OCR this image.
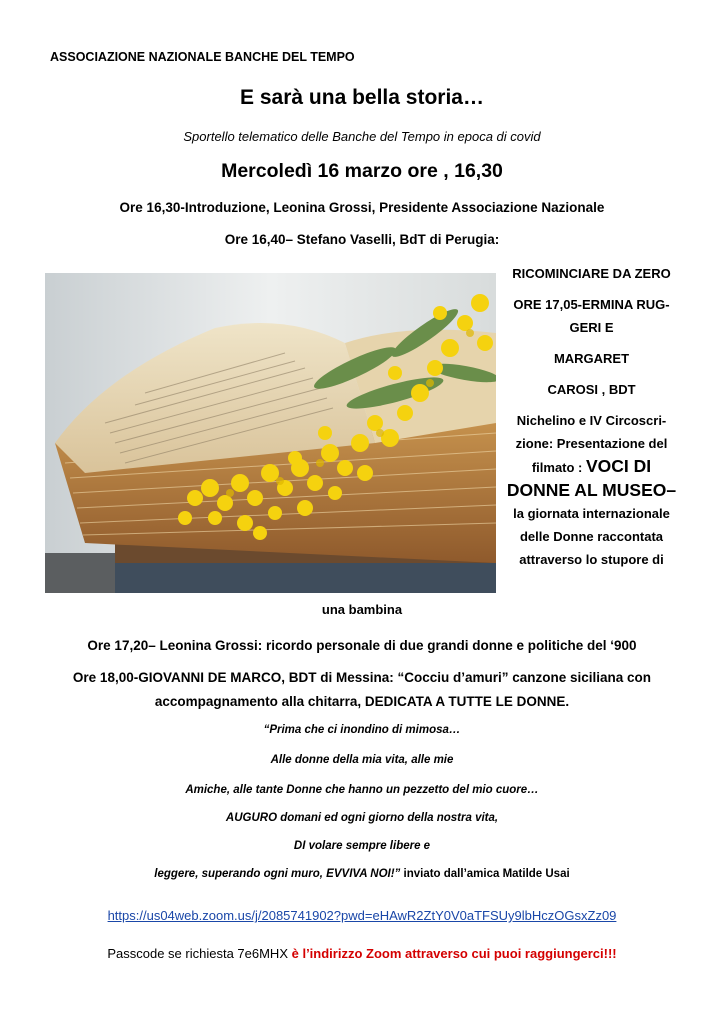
ASSOCIAZIONE NAZIONALE BANCHE DEL TEMPO
E sarà una bella storia…
Sportello telematico delle Banche del Tempo in epoca di covid
Mercoledì 16 marzo ore , 16,30
Ore 16,30-Introduzione, Leonina Grossi, Presidente Associazione Nazionale
Ore 16,40– Stefano Vaselli, BdT di Perugia:
RICOMINCIARE DA ZERO
ORE 17,05-ERMINA RUG-
GERI E
MARGARET
CAROSI , BDT
Nichelino e IV Circoscri-
zione: Presentazione del
filmato : VOCI DI
DONNE AL MUSEO–
la giornata internazionale
delle Donne raccontata
attraverso lo stupore di
una bambina
Ore 17,20– Leonina Grossi: ricordo personale di due grandi donne e politiche del ‘900
Ore 18,00-GIOVANNI DE MARCO, BDT di Messina: “Cocciu d’amuri” canzone siciliana con accompagnamento alla chitarra, DEDICATA A TUTTE LE DONNE.
“Prima che ci inondino di mimosa…
Alle donne della mia vita, alle mie
Amiche, alle tante Donne che hanno un pezzetto del mio cuore…
AUGURO domani ed ogni giorno della nostra vita,
DI volare sempre libere e
leggere, superando ogni muro, EVVIVA NOI!” inviato dall’amica Matilde Usai
https://us04web.zoom.us/j/2085741902?pwd=eHAwR2ZtY0V0aTFSUy9lbHczOGsxZz09
Passcode se richiesta 7e6MHX è l’indirizzo Zoom attraverso cui puoi raggiungerci!!!
